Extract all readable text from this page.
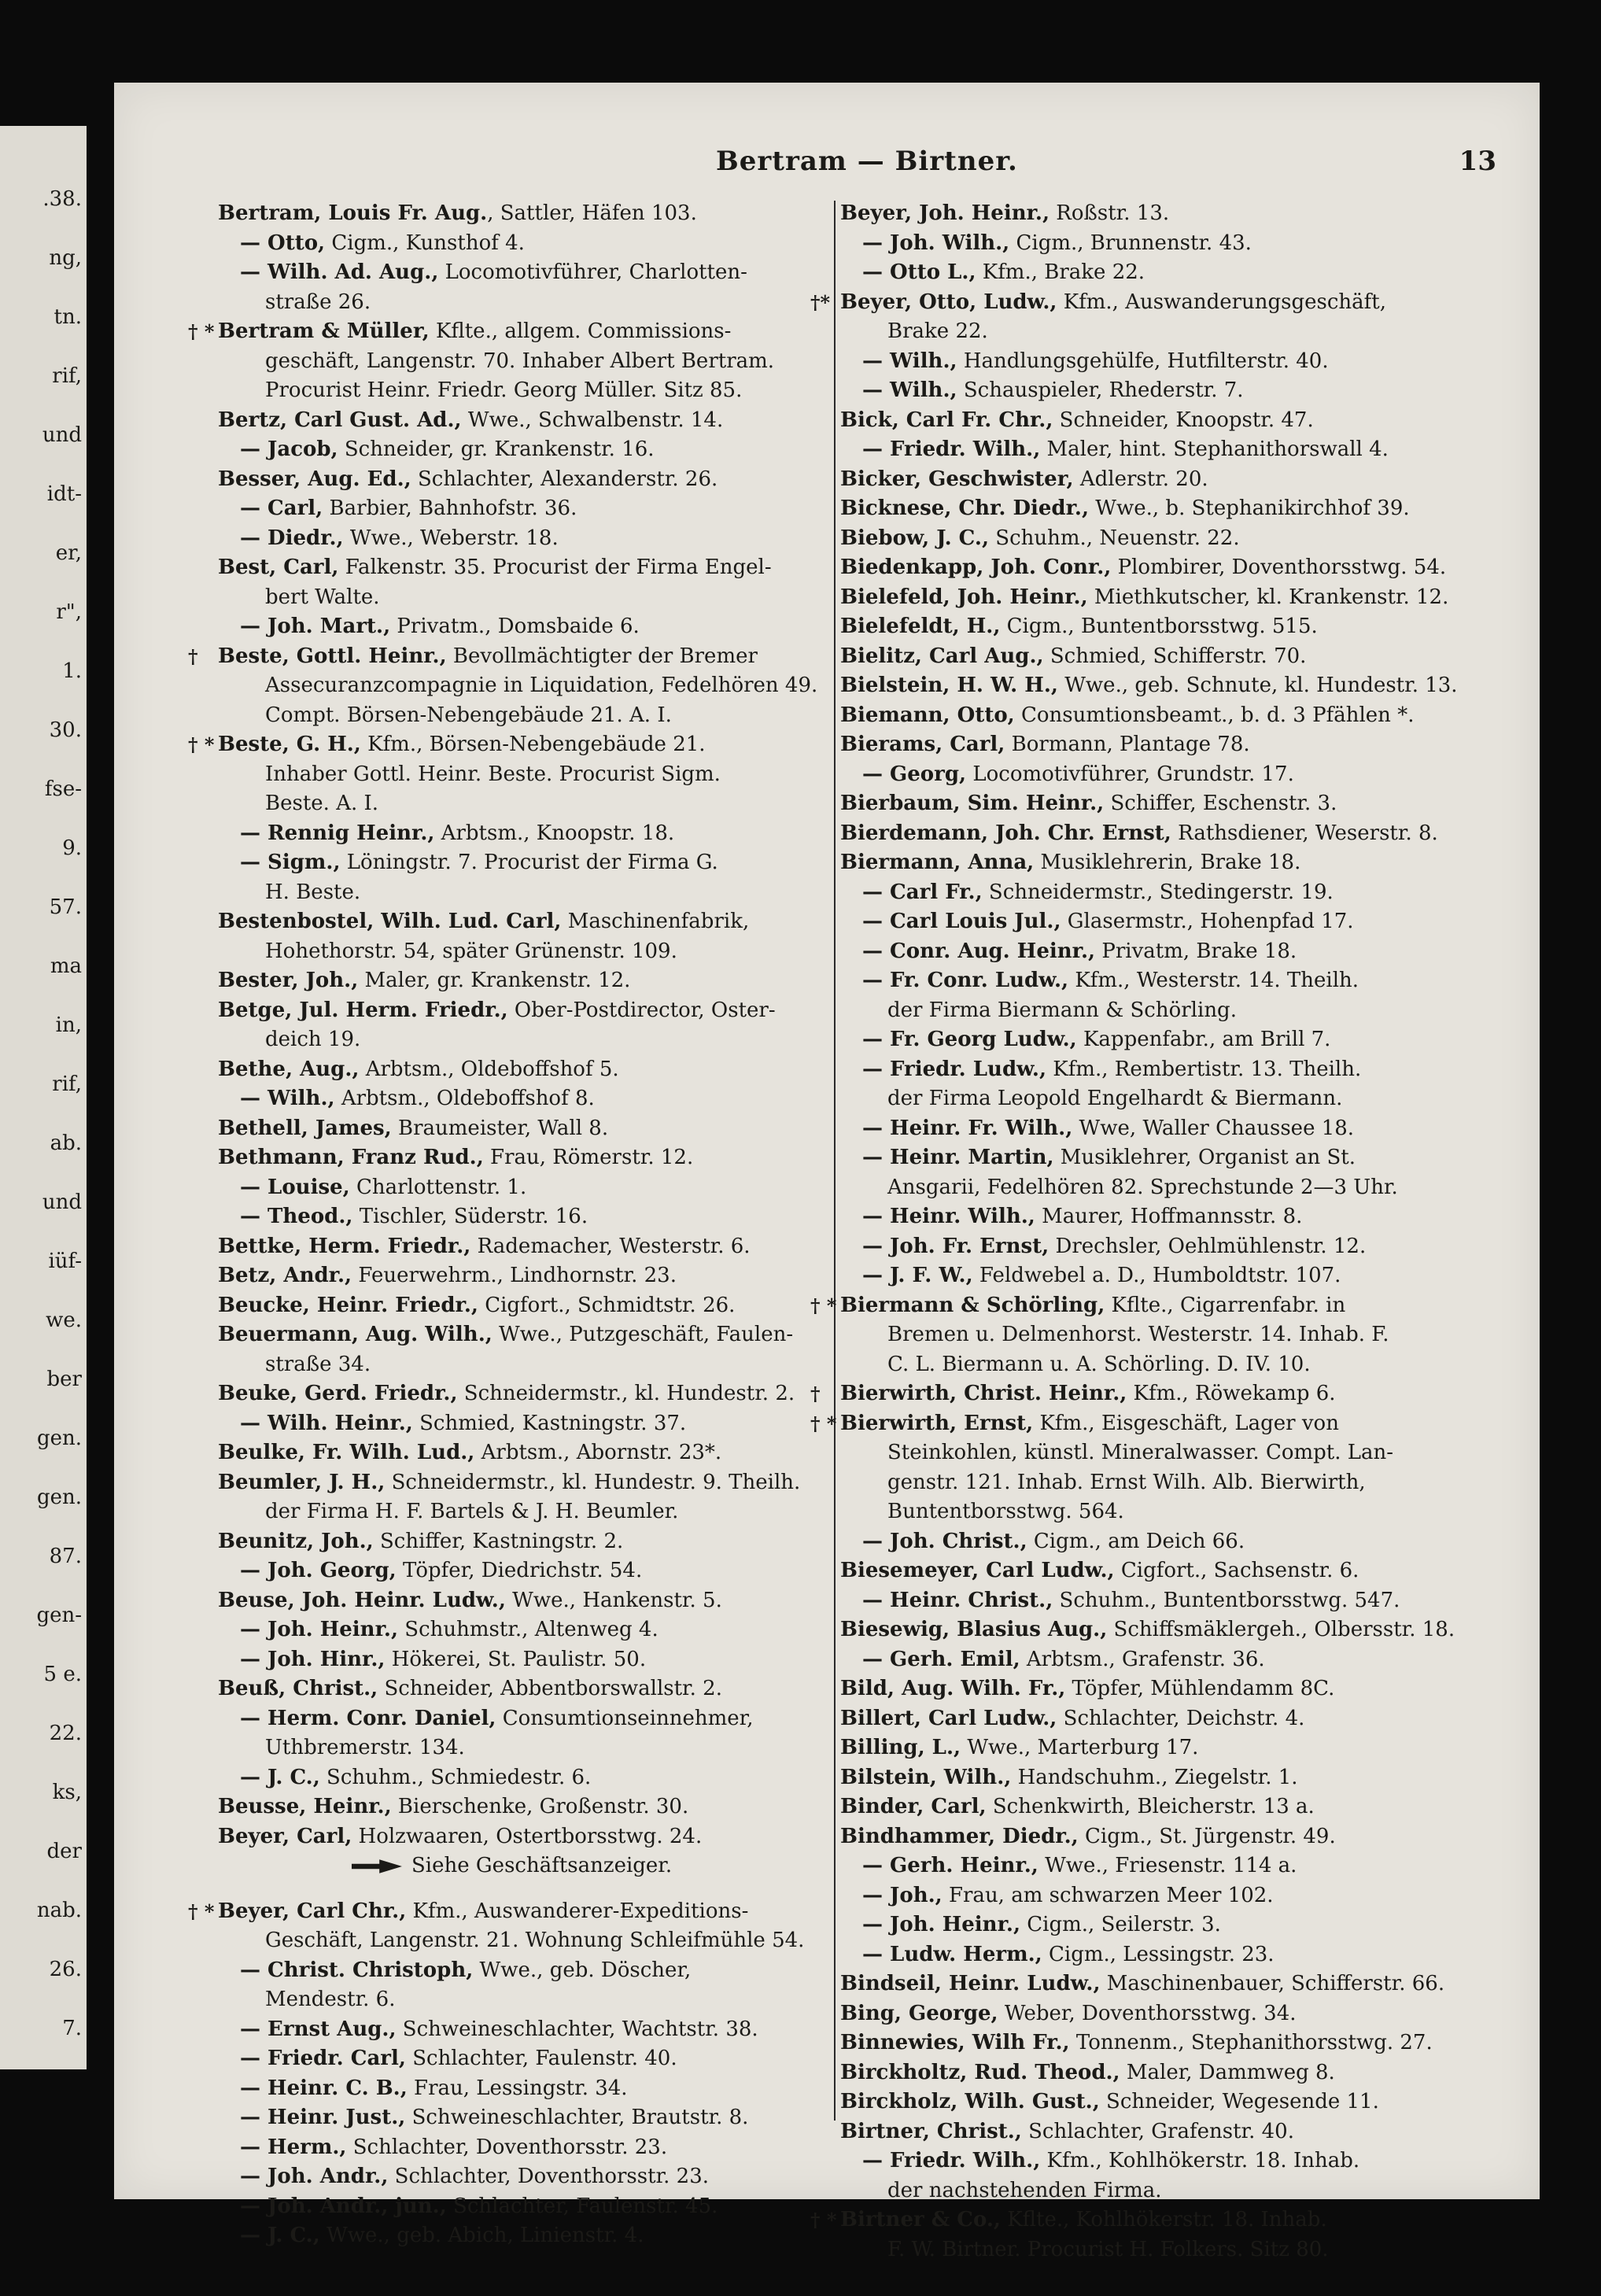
.38.
ng,
tn.
rif,
und
idt-
er,
r",
1.
30.
fse-
9.
57.
ma
in,
rif,
ab.
und
iüf-
we.
ber
gen.
gen.
87.
gen-
5 e.
22.
ks,
der
nab.
26.
7.
Bertram — Birtner.	13
Bertram, Louis Fr. Aug., Sattler, Häfen 103.
— Otto, Cigm., Kunsthof 4.
— Wilh. Ad. Aug., Locomotivführer, Charlotten-
straße 26.
† * Bertram & Müller, Kflte., allgem. Commissions-
geschäft, Langenstr. 70. Inhaber Albert Bertram.
Procurist Heinr. Friedr. Georg Müller. Sitz 85.
Bertz, Carl Gust. Ad., Wwe., Schwalbenstr. 14.
— Jacob, Schneider, gr. Krankenstr. 16.
Besser, Aug. Ed., Schlachter, Alexanderstr. 26.
— Carl, Barbier, Bahnhofstr. 36.
— Diedr., Wwe., Weberstr. 18.
Best, Carl, Falkenstr. 35. Procurist der Firma Engel-
bert Walte.
— Joh. Mart., Privatm., Domsbaide 6.
† Beste, Gottl. Heinr., Bevollmächtigter der Bremer
Assecuranzcompagnie in Liquidation, Fedelhören 49.
Compt. Börsen-Nebengebäude 21. A. I.
† * Beste, G. H., Kfm., Börsen-Nebengebäude 21.
Inhaber Gottl. Heinr. Beste. Procurist Sigm.
Beste. A. I.
— Rennig Heinr., Arbtsm., Knoopstr. 18.
— Sigm., Löningstr. 7. Procurist der Firma G.
H. Beste.
Bestenbostel, Wilh. Lud. Carl, Maschinenfabrik,
Hohethorstr. 54, später Grünenstr. 109.
Bester, Joh., Maler, gr. Krankenstr. 12.
Betge, Jul. Herm. Friedr., Ober-Postdirector, Oster-
deich 19.
Bethe, Aug., Arbtsm., Oldeboffshof 5.
— Wilh., Arbtsm., Oldeboffshof 8.
Bethell, James, Braumeister, Wall 8.
Bethmann, Franz Rud., Frau, Römerstr. 12.
— Louise, Charlottenstr. 1.
— Theod., Tischler, Süderstr. 16.
Bettke, Herm. Friedr., Rademacher, Westerstr. 6.
Betz, Andr., Feuerwehrm., Lindhornstr. 23.
Beucke, Heinr. Friedr., Cigfort., Schmidtstr. 26.
Beuermann, Aug. Wilh., Wwe., Putzgeschäft, Faulen-
straße 34.
Beuke, Gerd. Friedr., Schneidermstr., kl. Hundestr. 2.
— Wilh. Heinr., Schmied, Kastningstr. 37.
Beulke, Fr. Wilh. Lud., Arbtsm., Abornstr. 23*.
Beumler, J. H., Schneidermstr., kl. Hundestr. 9. Theilh.
der Firma H. F. Bartels & J. H. Beumler.
Beunitz, Joh., Schiffer, Kastningstr. 2.
— Joh. Georg, Töpfer, Diedrichstr. 54.
Beuse, Joh. Heinr. Ludw., Wwe., Hankenstr. 5.
— Joh. Heinr., Schuhmstr., Altenweg 4.
— Joh. Hinr., Hökerei, St. Paulistr. 50.
Beuß, Christ., Schneider, Abbentborswallstr. 2.
— Herm. Conr. Daniel, Consumtionseinnehmer,
Uthbremerstr. 134.
— J. C., Schuhm., Schmiedestr. 6.
Beusse, Heinr., Bierschenke, Großenstr. 30.
Beyer, Carl, Holzwaaren, Ostertborsstwg. 24.
Siehe Geschäftsanzeiger.
† * Beyer, Carl Chr., Kfm., Auswanderer-Expeditions-
Geschäft, Langenstr. 21. Wohnung Schleifmühle 54.
— Christ. Christoph, Wwe., geb. Döscher,
Mendestr. 6.
— Ernst Aug., Schweineschlachter, Wachtstr. 38.
— Friedr. Carl, Schlachter, Faulenstr. 40.
— Heinr. C. B., Frau, Lessingstr. 34.
— Heinr. Just., Schweineschlachter, Brautstr. 8.
— Herm., Schlachter, Doventhorsstr. 23.
— Joh. Andr., Schlachter, Doventhorsstr. 23.
— Joh. Andr., jun., Schlachter, Faulenstr. 45.
— J. C., Wwe., geb. Abich, Linienstr. 4.
Beyer, Joh. Heinr., Roßstr. 13.
— Joh. Wilh., Cigm., Brunnenstr. 43.
— Otto L., Kfm., Brake 22.
†* Beyer, Otto, Ludw., Kfm., Auswanderungsgeschäft,
Brake 22.
— Wilh., Handlungsgehülfe, Hutfilterstr. 40.
— Wilh., Schauspieler, Rhederstr. 7.
Bick, Carl Fr. Chr., Schneider, Knoopstr. 47.
— Friedr. Wilh., Maler, hint. Stephanithorswall 4.
Bicker, Geschwister, Adlerstr. 20.
Bicknese, Chr. Diedr., Wwe., b. Stephanikirchhof 39.
Biebow, J. C., Schuhm., Neuenstr. 22.
Biedenkapp, Joh. Conr., Plombirer, Doventhorsstwg. 54.
Bielefeld, Joh. Heinr., Miethkutscher, kl. Krankenstr. 12.
Bielefeldt, H., Cigm., Buntentborsstwg. 515.
Bielitz, Carl Aug., Schmied, Schifferstr. 70.
Bielstein, H. W. H., Wwe., geb. Schnute, kl. Hundestr. 13.
Biemann, Otto, Consumtionsbeamt., b. d. 3 Pfählen *.
Bierams, Carl, Bormann, Plantage 78.
— Georg, Locomotivführer, Grundstr. 17.
Bierbaum, Sim. Heinr., Schiffer, Eschenstr. 3.
Bierdemann, Joh. Chr. Ernst, Rathsdiener, Weserstr. 8.
Biermann, Anna, Musiklehrerin, Brake 18.
— Carl Fr., Schneidermstr., Stedingerstr. 19.
— Carl Louis Jul., Glasermstr., Hohenpfad 17.
— Conr. Aug. Heinr., Privatm, Brake 18.
— Fr. Conr. Ludw., Kfm., Westerstr. 14. Theilh.
der Firma Biermann & Schörling.
— Fr. Georg Ludw., Kappenfabr., am Brill 7.
— Friedr. Ludw., Kfm., Rembertistr. 13. Theilh.
der Firma Leopold Engelhardt & Biermann.
— Heinr. Fr. Wilh., Wwe, Waller Chaussee 18.
— Heinr. Martin, Musiklehrer, Organist an St.
Ansgarii, Fedelhören 82. Sprechstunde 2—3 Uhr.
— Heinr. Wilh., Maurer, Hoffmannsstr. 8.
— Joh. Fr. Ernst, Drechsler, Oehlmühlenstr. 12.
— J. F. W., Feldwebel a. D., Humboldtstr. 107.
† * Biermann & Schörling, Kflte., Cigarrenfabr. in
Bremen u. Delmenhorst. Westerstr. 14. Inhab. F.
C. L. Biermann u. A. Schörling. D. IV. 10.
† Bierwirth, Christ. Heinr., Kfm., Röwekamp 6.
† * Bierwirth, Ernst, Kfm., Eisgeschäft, Lager von
Steinkohlen, künstl. Mineralwasser. Compt. Lan-
genstr. 121. Inhab. Ernst Wilh. Alb. Bierwirth,
Buntentborsstwg. 564.
— Joh. Christ., Cigm., am Deich 66.
Biesemeyer, Carl Ludw., Cigfort., Sachsenstr. 6.
— Heinr. Christ., Schuhm., Buntentborsstwg. 547.
Biesewig, Blasius Aug., Schiffsmäklergeh., Olbersstr. 18.
— Gerh. Emil, Arbtsm., Grafenstr. 36.
Bild, Aug. Wilh. Fr., Töpfer, Mühlendamm 8C.
Billert, Carl Ludw., Schlachter, Deichstr. 4.
Billing, L., Wwe., Marterburg 17.
Bilstein, Wilh., Handschuhm., Ziegelstr. 1.
Binder, Carl, Schenkwirth, Bleicherstr. 13 a.
Bindhammer, Diedr., Cigm., St. Jürgenstr. 49.
— Gerh. Heinr., Wwe., Friesenstr. 114 a.
— Joh., Frau, am schwarzen Meer 102.
— Joh. Heinr., Cigm., Seilerstr. 3.
— Ludw. Herm., Cigm., Lessingstr. 23.
Bindseil, Heinr. Ludw., Maschinenbauer, Schifferstr. 66.
Bing, George, Weber, Doventhorsstwg. 34.
Binnewies, Wilh Fr., Tonnenm., Stephanithorsstwg. 27.
Birckholtz, Rud. Theod., Maler, Dammweg 8.
Birckholz, Wilh. Gust., Schneider, Wegesende 11.
Birtner, Christ., Schlachter, Grafenstr. 40.
— Friedr. Wilh., Kfm., Kohlhökerstr. 18. Inhab.
der nachstehenden Firma.
† * Birtner & Co., Kflte., Kohlhökerstr. 18. Inhab.
F. W. Birtner. Procurist H. Folkers. Sitz 80.
